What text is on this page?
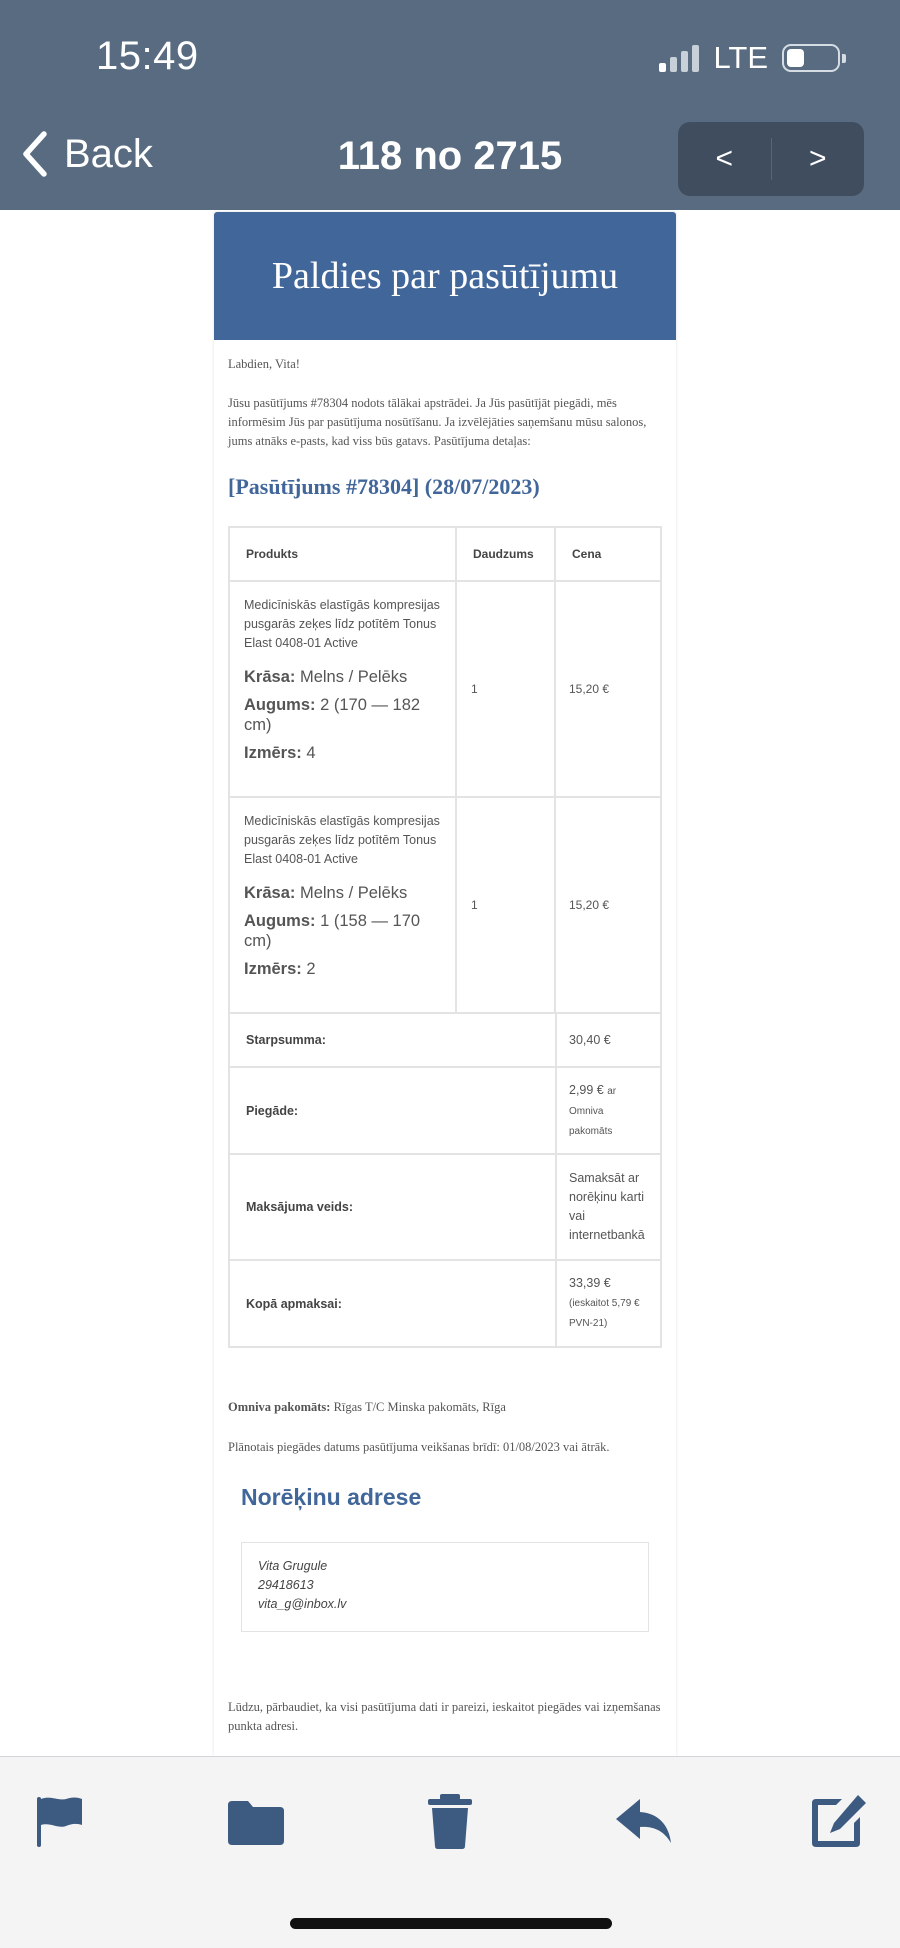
15:49	LTE
Back	118 no 2715	<	>
Paldies par pasūtījumu

Labdien, Vita!

Jūsu pasūtījums #78304 nodots tālākai apstrādei. Ja Jūs pasūtījāt piegādi, mēs informēsim Jūs par pasūtījuma nosūtīšanu. Ja izvēlējāties saņemšanu mūsu salonos, jums atnāks e-pasts, kad viss būs gatavs. Pasūtījuma detaļas:

[Pasūtījums #78304] (28/07/2023)
Produkts	Daudzums	Cena

Medicīniskās elastīgās kompresijas pusgarās zeķes līdz potītēm Tonus Elast 0408-01 Active
Krāsa: Melns / Pelēks
Augums: 2 (170 — 182 cm)
Izmērs: 4	1	15,20 €

Medicīniskās elastīgās kompresijas pusgarās zeķes līdz potītēm Tonus Elast 0408-01 Active
Krāsa: Melns / Pelēks
Augums: 1 (158 — 170 cm)
Izmērs: 2	1	15,20 €
Starpsumma:	30,40 €
Piegāde:	2,99 € ar Omniva pakomāts
Maksājuma veids:	Samaksāt ar norēķinu karti vai internetbankā
Kopā apmaksai:	33,39 €
(ieskaitot 5,79 € PVN-21)

Omniva pakomāts: Rīgas T/C Minska pakomāts, Rīga

Plānotais piegādes datums pasūtījuma veikšanas brīdī: 01/08/2023 vai ātrāk.

Norēķinu adrese
Vita Grugule
29418613
vita_g@inbox.lv

Lūdzu, pārbaudiet, ka visi pasūtījuma dati ir pareizi, ieskaitot piegādes vai izņemšanas punkta adresi.
